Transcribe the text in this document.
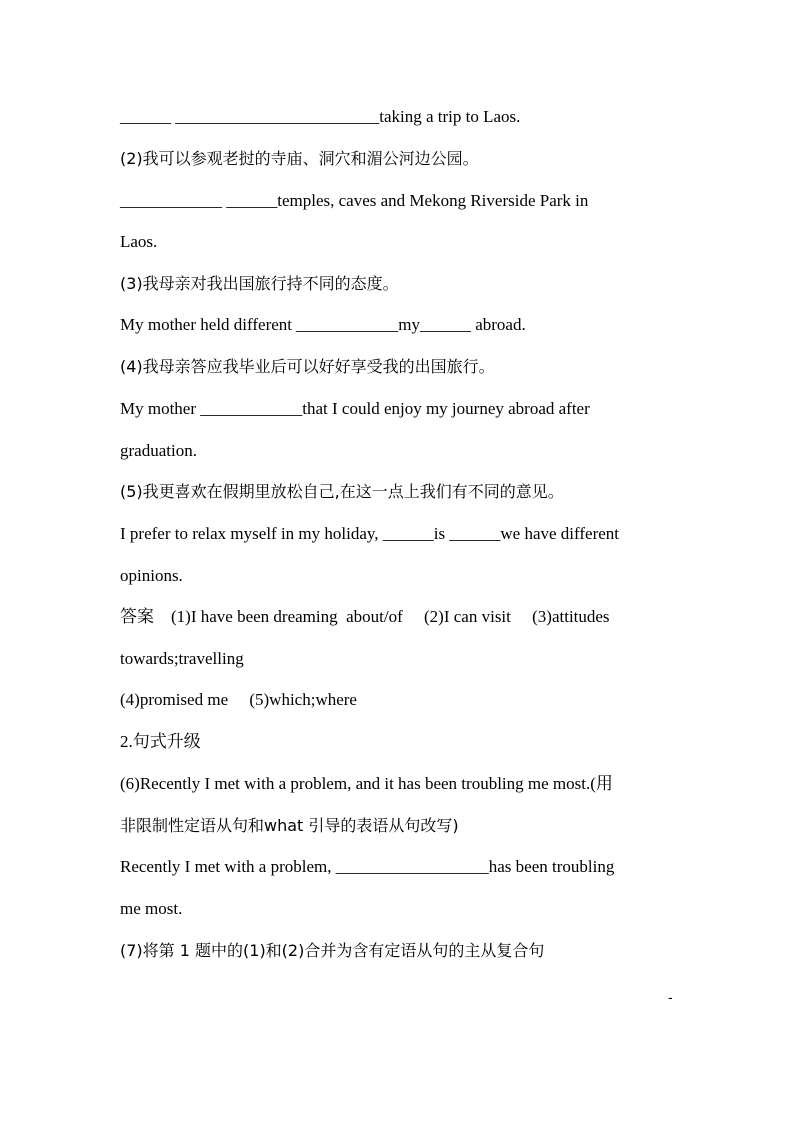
______ ________________________taking a trip to Laos.
(2)我可以参观老挝的寺庙、洞穴和湄公河边公园。
____________ ______temples, caves and Mekong Riverside Park in
Laos.
(3)我母亲对我出国旅行持不同的态度。
My mother held different ____________my______ abroad.
(4)我母亲答应我毕业后可以好好享受我的出国旅行。
My mother ____________that I could enjoy my journey abroad after
graduation.
(5)我更喜欢在假期里放松自己,在这一点上我们有不同的意见。
I prefer to relax myself in my holiday, ______is ______we have different
opinions.
答案    (1)I have been dreaming  about/of     (2)I can visit     (3)attitudes
towards;travelling
(4)promised me     (5)which;where
2.句式升级
(6)Recently I met with a problem, and it has been troubling me most.(用
非限制性定语从句和what 引导的表语从句改写)
Recently I met with a problem, __________________has been troubling
me most.
(7)将第 1 题中的(1)和(2)合并为含有定语从句的主从复合句
-
